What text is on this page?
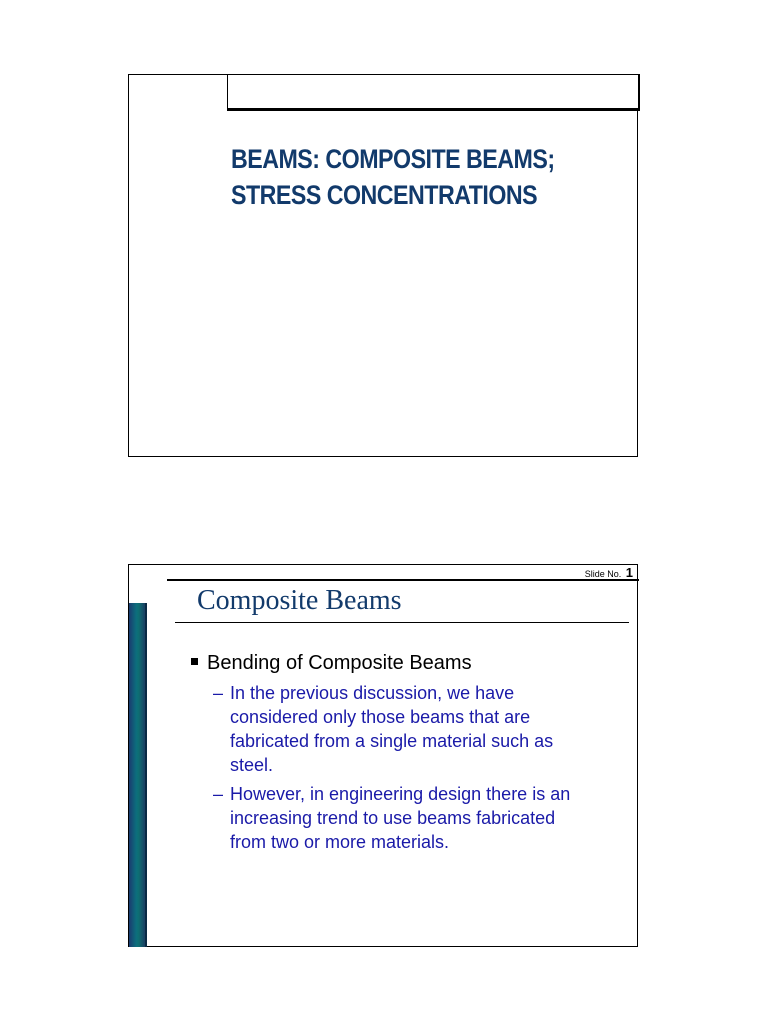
BEAMS: COMPOSITE BEAMS;
STRESS CONCENTRATIONS
Slide No. 1
Composite Beams
Bending of Composite Beams
– In the previous discussion, we have
considered only those beams that are
fabricated from a single material such as
steel.
– However, in engineering design there is an
increasing trend to use beams fabricated
from two or more materials.
